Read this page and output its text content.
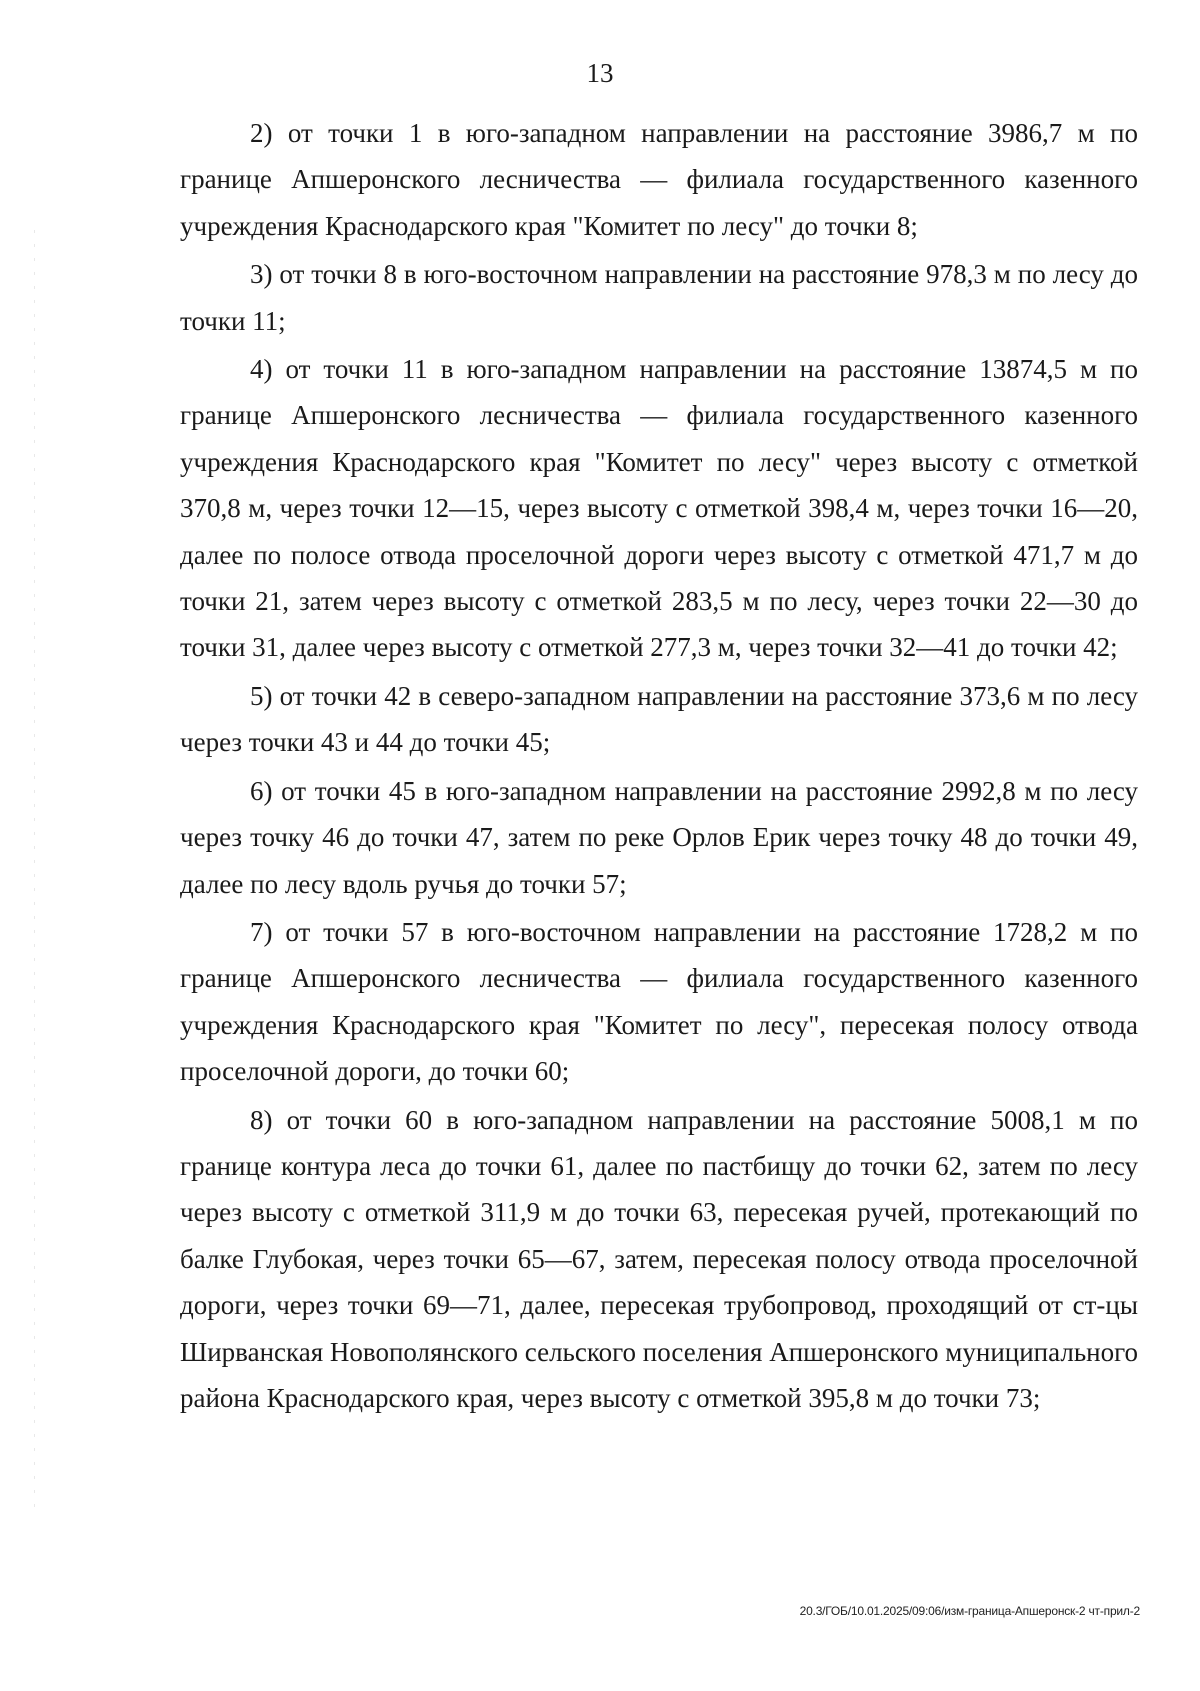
13

2) от точки 1 в юго-западном направлении на расстояние 3986,7 м по границе Апшеронского лесничества — филиала государственного казенного учреждения Краснодарского края "Комитет по лесу" до точки 8;

3) от точки 8 в юго-восточном направлении на расстояние 978,3 м по лесу до точки 11;

4) от точки 11 в юго-западном направлении на расстояние 13874,5 м по границе Апшеронского лесничества — филиала государственного казенного учреждения Краснодарского края "Комитет по лесу" через высоту с отметкой 370,8 м, через точки 12—15, через высоту с отметкой 398,4 м, через точки 16—20, далее по полосе отвода проселочной дороги через высоту с отметкой 471,7 м до точки 21, затем через высоту с отметкой 283,5 м по лесу, через точки 22—30 до точки 31, далее через высоту с отметкой 277,3 м, через точки 32—41 до точки 42;

5) от точки 42 в северо-западном направлении на расстояние 373,6 м по лесу через точки 43 и 44 до точки 45;

6) от точки 45 в юго-западном направлении на расстояние 2992,8 м по лесу через точку 46 до точки 47, затем по реке Орлов Ерик через точку 48 до точки 49, далее по лесу вдоль ручья до точки 57;

7) от точки 57 в юго-восточном направлении на расстояние 1728,2 м по границе Апшеронского лесничества — филиала государственного казенного учреждения Краснодарского края "Комитет по лесу", пересекая полосу отвода проселочной дороги, до точки 60;

8) от точки 60 в юго-западном направлении на расстояние 5008,1 м по границе контура леса до точки 61, далее по пастбищу до точки 62, затем по лесу через высоту с отметкой 311,9 м до точки 63, пересекая ручей, протекающий по балке Глубокая, через точки 65—67, затем, пересекая полосу отвода проселочной дороги, через точки 69—71, далее, пересекая трубопровод, проходящий от ст-цы Ширванская Новополянского сельского поселения Апшеронского муниципального района Краснодарского края, через высоту с отметкой 395,8 м до точки 73;

20.3/ГОБ/10.01.2025/09:06/изм-граница-Апшеронск-2 чт-прил-2
